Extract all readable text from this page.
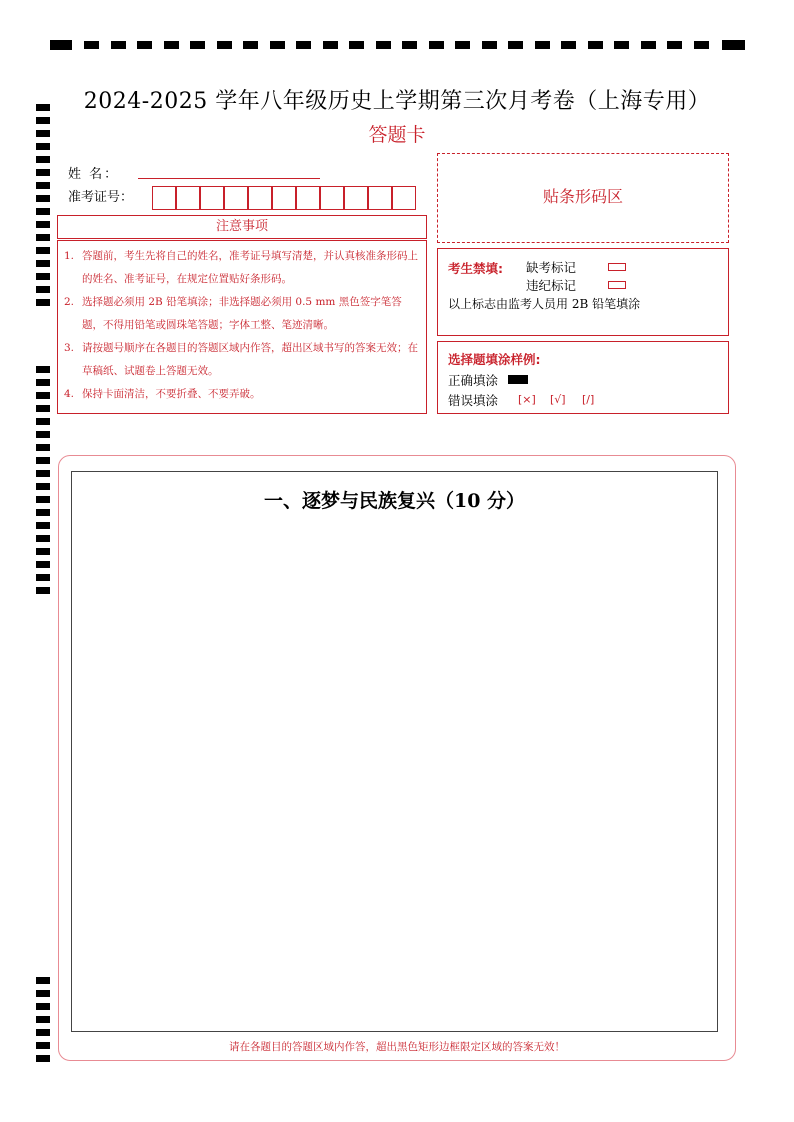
2024-2025 学年八年级历史上学期第三次月考卷（上海专用）
答题卡
姓 名：
准考证号：
注意事项
1. 答题前，考生先将自己的姓名，准考证号填写清楚，并认真核准条形码上的姓名、准考证号，在规定位置贴好条形码。
2. 选择题必须用 2B 铅笔填涂；非选择题必须用 0.5 mm 黑色签字笔答题，不得用铅笔或圆珠笔答题；字体工整、笔迹清晰。
3. 请按题号顺序在各题目的答题区域内作答，超出区域书写的答案无效；在草稿纸、试题卷上答题无效。
4. 保持卡面清洁，不要折叠、不要弄破。
贴条形码区
考生禁填: 缺考标记
违纪标记
以上标志由监考人员用 2B 铅笔填涂
选择题填涂样例:
正确填涂
错误填涂 [×] [√] [/]
一、逐梦与民族复兴（10 分）
请在各题目的答题区域内作答，超出黑色矩形边框限定区域的答案无效！
